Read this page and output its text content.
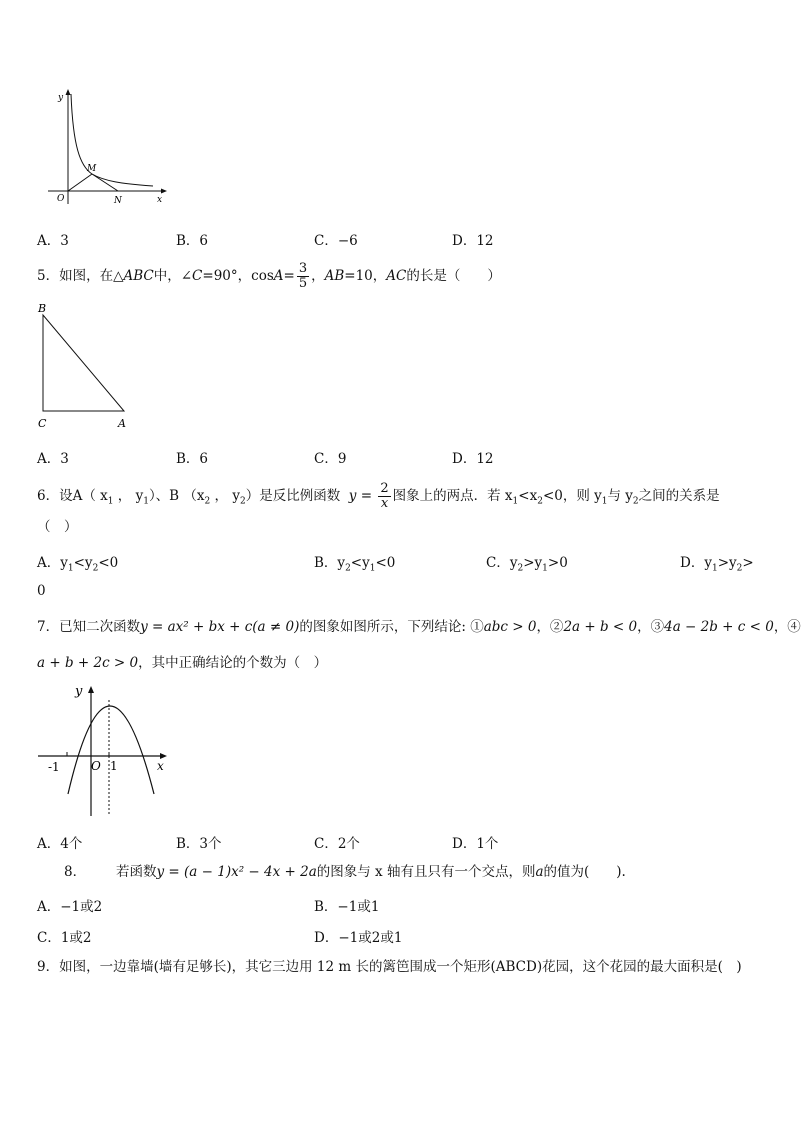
y
x
O
M
N
A．3	B．6	C．−6	D．12
5．如图，在△ABC中，∠C=90°，$\cos A= \frac{3}{5}$ ，AB=10，AC的长是（　　）
B
C	A
A．3	B．6	C．9	D．12
6．设A（ $x_1$ ， $y_1$）、B （$x_2$ ， $y_2$）是反比例函数 $y = \frac{2}{x}$ 图象上的两点．若 $x_1<x_2<0$，则 $y_1$与 $y_2$之间的关系是
（　）
A．$y_1<y_2<0$	B．$y_2<y_1<0$	C．$y_2>y_1>0$	D．$y_1>y_2>$
0
7．已知二次函数y = ax² + bx + c(a ≠ 0)的图象如图所示，下列结论: ①abc > 0，②2a + b < 0，③4a − 2b + c < 0，④
a + b + 2c > 0，其中正确结论的个数为（　）
y
x
-1	O 1
A．4个	B．3个	C．2个	D．1个
8． 若函数y = (a − 1)x² − 4x + 2a的图象与 x 轴有且只有一个交点，则a的值为(　　).
A．−1或2	B．−1或1
C．1或2	D．−1或2或1
9．如图，一边靠墙(墙有足够长)，其它三边用 12 m 长的篱笆围成一个矩形(ABCD)花园，这个花园的最大面积是(　)
